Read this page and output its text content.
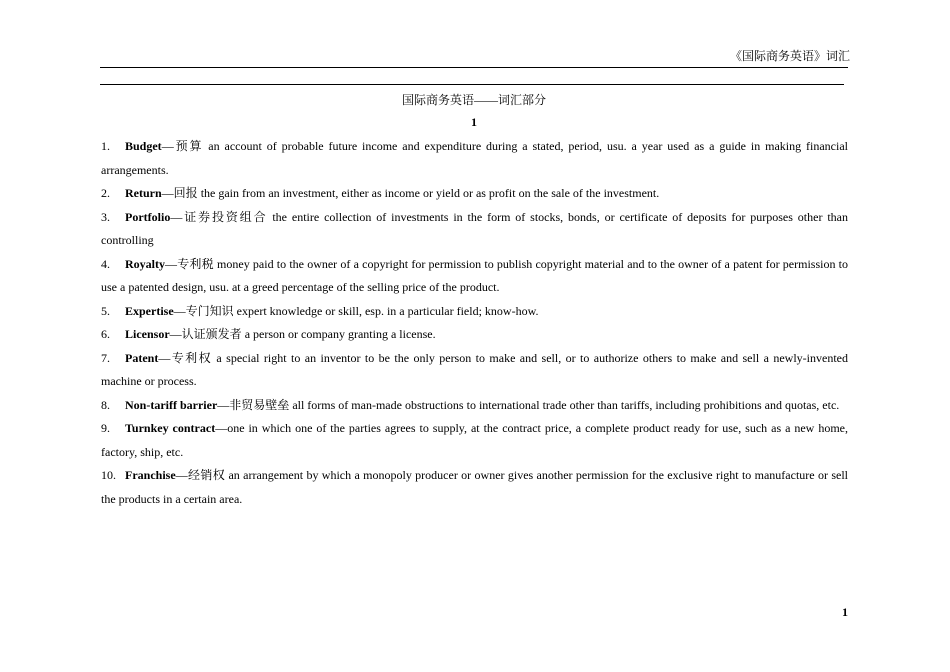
《国际商务英语》词汇
国际商务英语——词汇部分
1
1. Budget—预算 an account of probable future income and expenditure during a stated, period, usu. a year used as a guide in making financial arrangements.
2. Return—回报 the gain from an investment, either as income or yield or as profit on the sale of the investment.
3. Portfolio—证券投资组合 the entire collection of investments in the form of stocks, bonds, or certificate of deposits for purposes other than controlling
4. Royalty—专利税 money paid to the owner of a copyright for permission to publish copyright material and to the owner of a patent for permission to use a patented design, usu. at a greed percentage of the selling price of the product.
5. Expertise—专门知识 expert knowledge or skill, esp. in a particular field; know-how.
6. Licensor—认证颁发者 a person or company granting a license.
7. Patent—专利权 a special right to an inventor to be the only person to make and sell, or to authorize others to make and sell a newly-invented machine or process.
8. Non-tariff barrier—非贸易壁垒 all forms of man-made obstructions to international trade other than tariffs, including prohibitions and quotas, etc.
9. Turnkey contract—one in which one of the parties agrees to supply, at the contract price, a complete product ready for use, such as a new home, factory, ship, etc.
10. Franchise—经销权 an arrangement by which a monopoly producer or owner gives another permission for the exclusive right to manufacture or sell the products in a certain area.
1
